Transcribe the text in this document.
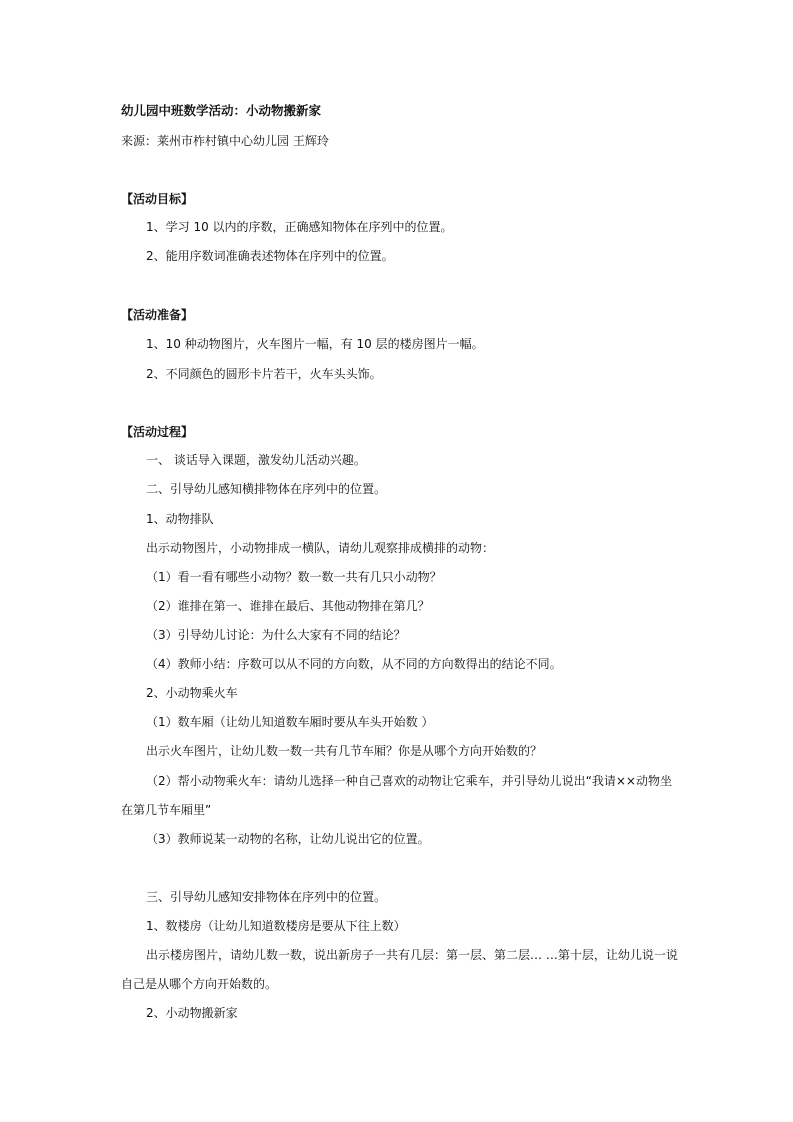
幼儿园中班数学活动：小动物搬新家
来源：莱州市柞村镇中心幼儿园 王辉玲
【活动目标】
1、学习 10 以内的序数，正确感知物体在序列中的位置。
2、能用序数词准确表述物体在序列中的位置。
【活动准备】
1、10 种动物图片，火车图片一幅，有 10 层的楼房图片一幅。
2、不同颜色的圆形卡片若干，火车头头饰。
【活动过程】
一、 谈话导入课题，激发幼儿活动兴趣。
二、引导幼儿感知横排物体在序列中的位置。
1、动物排队
出示动物图片，小动物排成一横队，请幼儿观察排成横排的动物：
（1）看一看有哪些小动物？数一数一共有几只小动物？
（2）谁排在第一、谁排在最后、其他动物排在第几？
（3）引导幼儿讨论：为什么大家有不同的结论？
（4）教师小结：序数可以从不同的方向数，从不同的方向数得出的结论不同。
2、小动物乘火车
（1）数车厢（让幼儿知道数车厢时要从车头开始数 ）
出示火车图片，让幼儿数一数一共有几节车厢？你是从哪个方向开始数的？
（2）帮小动物乘火车：请幼儿选择一种自己喜欢的动物让它乘车，并引导幼儿说出“我请××动物坐
在第几节车厢里”
（3）教师说某一动物的名称，让幼儿说出它的位置。
三、引导幼儿感知安排物体在序列中的位置。
1、数楼房（让幼儿知道数楼房是要从下往上数）
出示楼房图片，请幼儿数一数，说出新房子一共有几层：第一层、第二层… …第十层，让幼儿说一说
自己是从哪个方向开始数的。
2、小动物搬新家
